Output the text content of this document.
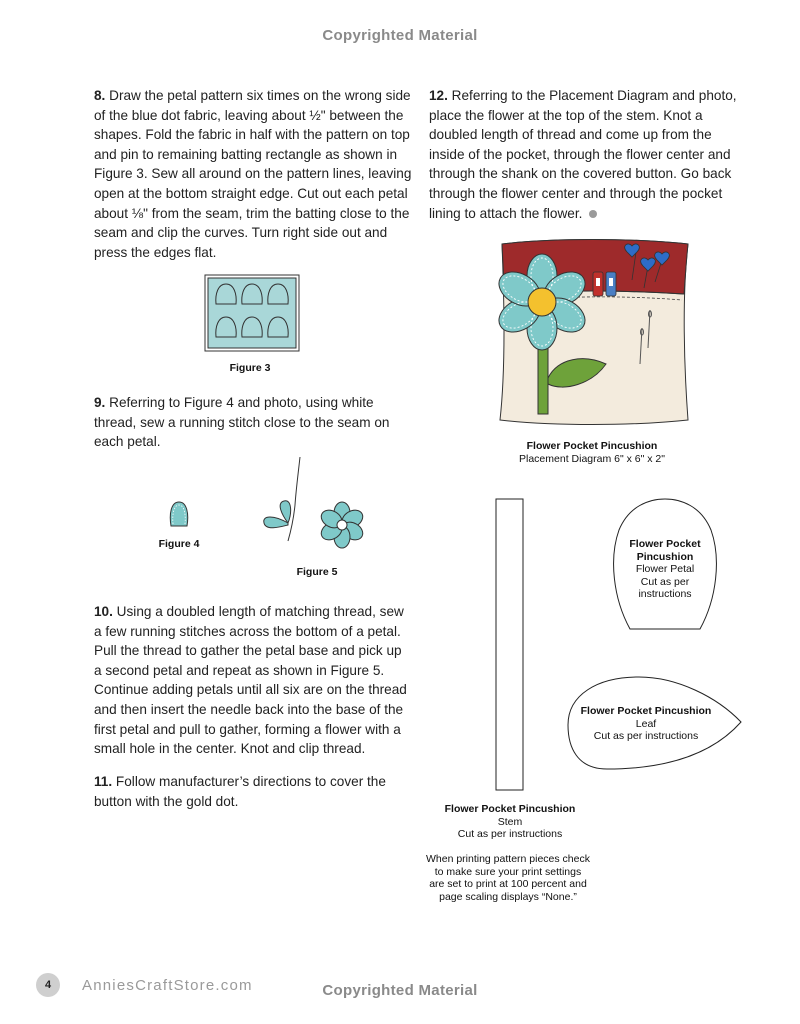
Copyrighted Material
8. Draw the petal pattern six times on the wrong side of the blue dot fabric, leaving about ½" between the shapes. Fold the fabric in half with the pattern on top and pin to remaining batting rectangle as shown in Figure 3. Sew all around on the pattern lines, leaving open at the bottom straight edge. Cut out each petal about ⅛" from the seam, trim the batting close to the seam and clip the curves. Turn right side out and press the edges flat.
Figure 3
9. Referring to Figure 4 and photo, using white thread, sew a running stitch close to the seam on each petal.
Figure 4
Figure 5
10. Using a doubled length of matching thread, sew a few running stitches across the bottom of a petal. Pull the thread to gather the petal base and pick up a second petal and repeat as shown in Figure 5. Continue adding petals until all six are on the thread and then insert the needle back into the base of the first petal and pull to gather, forming a flower with a small hole in the center. Knot and clip thread.
11. Follow manufacturer’s directions to cover the button with the gold dot.
12. Referring to the Placement Diagram and photo, place the flower at the top of the stem. Knot a doubled length of thread and come up from the inside of the pocket, through the flower center and through the shank on the covered button. Go back through the flower center and through the pocket lining to attach the flower.
Flower Pocket Pincushion
Placement Diagram 6" x 6" x 2"
Flower Pocket Pincushion
Stem
Cut as per instructions
When printing pattern pieces check
to make sure your print settings
are set to print at 100 percent and
page scaling displays “None.”
Flower Pocket Pincushion
Flower Petal
Cut as per
instructions
Flower Pocket Pincushion
Leaf
Cut as per instructions
4	AnniesCraftStore.com	Copyrighted Material
